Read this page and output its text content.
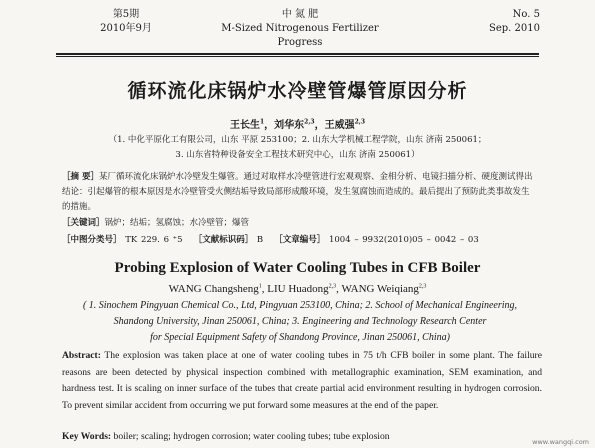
第5期
2010年9月
中 氮 肥
M-Sized Nitrogenous Fertilizer Progress
No. 5
Sep. 2010
循环流化床锅炉水冷壁管爆管原因分析
王长生$^1$，刘华东$^{2,3}$，王威强$^{2,3}$
（1. 中化平原化工有限公司，山东 平原 253100；2. 山东大学机械工程学院，山东 济南 250061；
3. 山东省特种设备安全工程技术研究中心，山东 济南 250061）
［摘 要］某厂循环流化床锅炉水冷壁发生爆管。通过对取样水冷壁管进行宏观观察、金相分析、电镜扫描分析、硬度测试得出结论：引起爆管的根本原因是水冷壁管受火侧结垢导致局部形成酸环境，发生氢腐蚀而造成的。最后提出了预防此类事故发生的措施。
［关键词］锅炉；结垢；氢腐蚀；水冷壁管；爆管
［中图分类号］ TK 229. 6 ⁺5 ［文献标识码］ B ［文章编号］ 1004 – 9932(2010)05 – 0042 – 03
Probing Explosion of Water Cooling Tubes in CFB Boiler
WANG Changsheng$^1$, LIU Huadong$^{2,3}$, WANG Weiqiang$^{2,3}$
( 1. Sinochem Pingyuan Chemical Co., Ltd, Pingyuan 253100, China; 2. School of Mechanical Engineering,
Shandong University, Jinan 250061, China; 3. Engineering and Technology Research Center
for Special Equipment Safety of Shandong Province, Jinan 250061, China)
Abstract: The explosion was taken place at one of water cooling tubes in 75 t/h CFB boiler in some plant. The failure reasons are been detected by physical inspection combined with metallographic examination, SEM examination, and hardness test. It is scaling on inner surface of the tubes that create partial acid environment resulting in hydrogen corrosion. To prevent similar accident from occurring we put forward some measures at the end of the paper.
Key Words: boiler; scaling; hydrogen corrosion; water cooling tubes; tube explosion	www.wangqi.com
